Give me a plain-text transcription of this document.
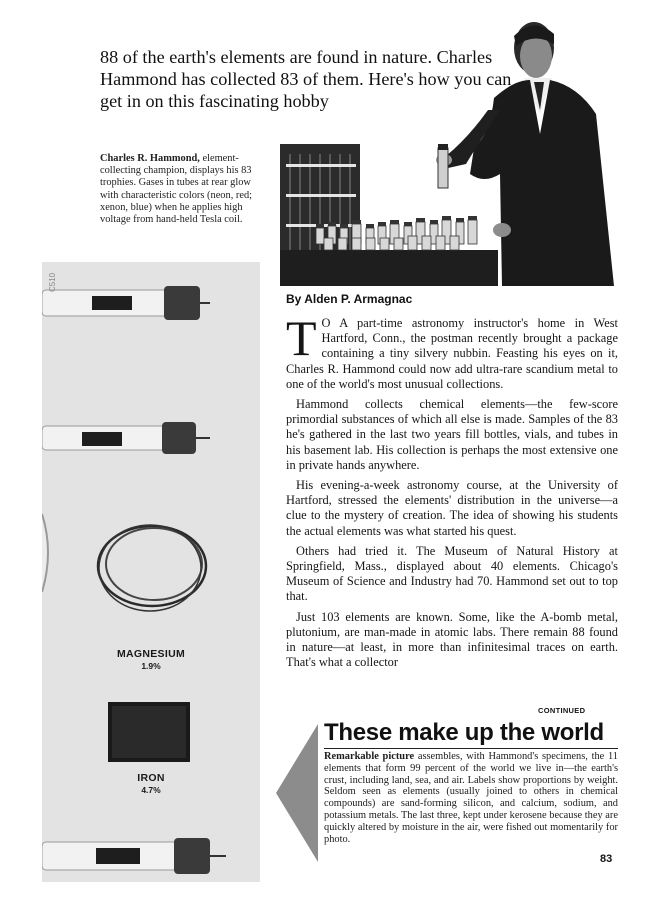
88 of the earth's elements are found in nature. Charles Hammond has collected 83 of them. Here's how you can get in on this fascinating hobby
Charles R. Hammond, element-collecting champion, displays his 83 trophies. Gases in tubes at rear glow with characteristic colors (neon, red; xenon, blue) when he applies high voltage from hand-held Tesla coil.
C510
MAGNESIUM
1.9%
IRON
4.7%
By Alden P. Armagnac

T O A part-time astronomy instructor's home in West Hartford, Conn., the postman recently brought a package containing a tiny silvery nubbin. Feasting his eyes on it, Charles R. Hammond could now add ultra-rare scandium metal to one of the world's most unusual collections.

Hammond collects chemical elements—the few-score primordial substances of which all else is made. Samples of the 83 he's gathered in the last two years fill bottles, vials, and tubes in his basement lab. His collection is perhaps the most extensive one in private hands anywhere.

His evening-a-week astronomy course, at the University of Hartford, stressed the elements' distribution in the universe—a clue to the mystery of creation. The idea of showing his students the actual elements was what started his quest.

Others had tried it. The Museum of Natural History at Springfield, Mass., displayed about 40 elements. Chicago's Museum of Science and Industry had 70. Hammond set out to top that.

Just 103 elements are known. Some, like the A-bomb metal, plutonium, are man-made in atomic labs. There remain 88 found in nature—at least, in more than infinitesimal traces on earth. That's what a collector

CONTINUED
These make up the world
Remarkable picture assembles, with Hammond's specimens, the 11 elements that form 99 percent of the world we live in—the earth's crust, including land, sea, and air. Labels show proportions by weight. Seldom seen as elements (usually joined to others in chemical compounds) are sand-forming silicon, and calcium, sodium, and potassium metals. The last three, kept under kerosene because they are quickly altered by moisture in the air, were fished out momentarily for photo.
83
